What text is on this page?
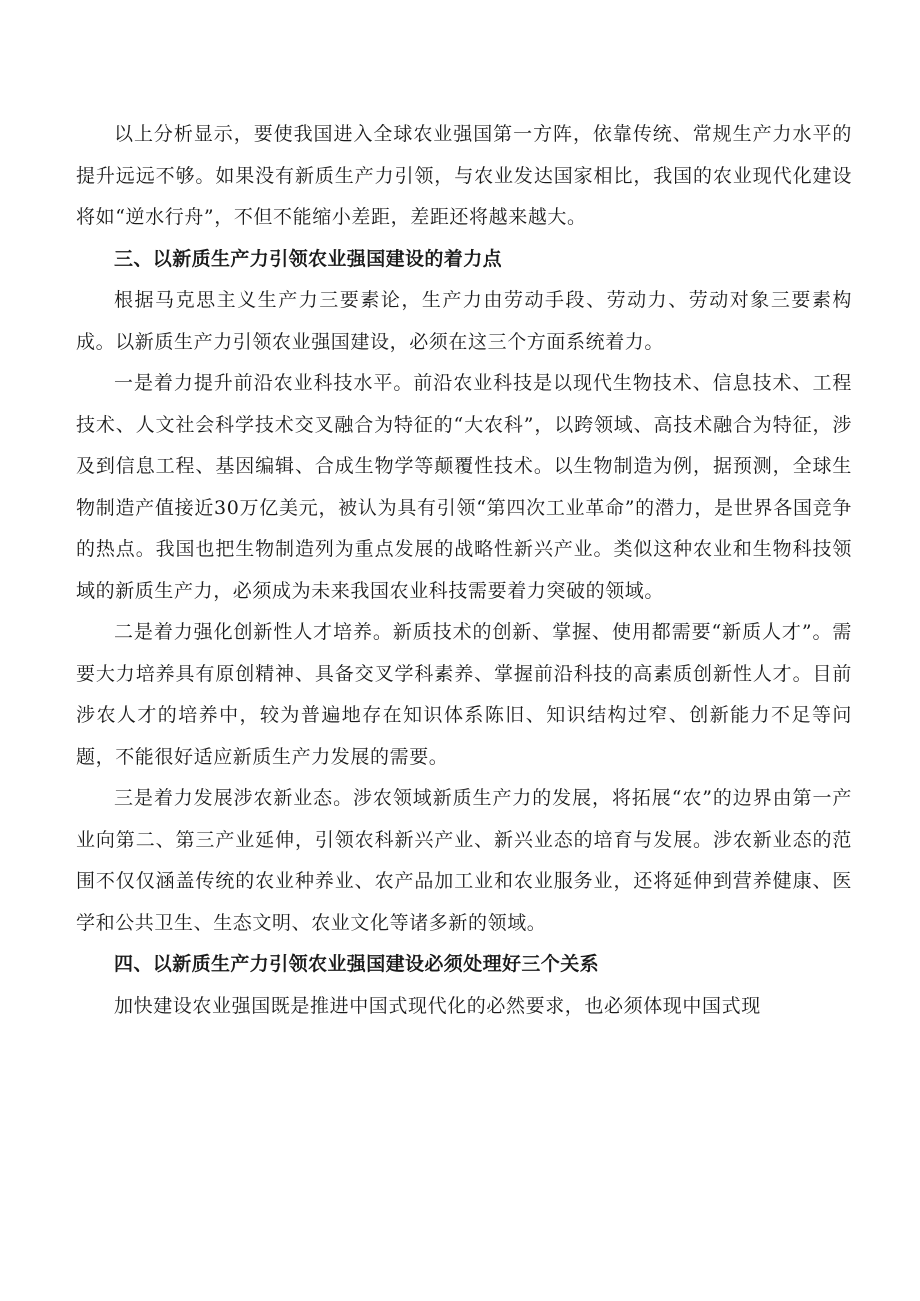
以上分析显示，要使我国进入全球农业强国第一方阵，依靠传统、常规生产力水平的提升远远不够。如果没有新质生产力引领，与农业发达国家相比，我国的农业现代化建设将如“逆水行舟”，不但不能缩小差距，差距还将越来越大。

三、以新质生产力引领农业强国建设的着力点

根据马克思主义生产力三要素论，生产力由劳动手段、劳动力、劳动对象三要素构成。以新质生产力引领农业强国建设，必须在这三个方面系统着力。

一是着力提升前沿农业科技水平。前沿农业科技是以现代生物技术、信息技术、工程技术、人文社会科学技术交叉融合为特征的“大农科”，以跨领域、高技术融合为特征，涉及到信息工程、基因编辑、合成生物学等颠覆性技术。以生物制造为例，据预测，全球生物制造产值接近30万亿美元，被认为具有引领“第四次工业革命”的潜力，是世界各国竞争的热点。我国也把生物制造列为重点发展的战略性新兴产业。类似这种农业和生物科技领域的新质生产力，必须成为未来我国农业科技需要着力突破的领域。

二是着力强化创新性人才培养。新质技术的创新、掌握、使用都需要“新质人才”。需要大力培养具有原创精神、具备交叉学科素养、掌握前沿科技的高素质创新性人才。目前涉农人才的培养中，较为普遍地存在知识体系陈旧、知识结构过窄、创新能力不足等问题，不能很好适应新质生产力发展的需要。

三是着力发展涉农新业态。涉农领域新质生产力的发展，将拓展“农”的边界由第一产业向第二、第三产业延伸，引领农科新兴产业、新兴业态的培育与发展。涉农新业态的范围不仅仅涵盖传统的农业种养业、农产品加工业和农业服务业，还将延伸到营养健康、医学和公共卫生、生态文明、农业文化等诸多新的领域。

四、以新质生产力引领农业强国建设必须处理好三个关系

加快建设农业强国既是推进中国式现代化的必然要求，也必须体现中国式现
